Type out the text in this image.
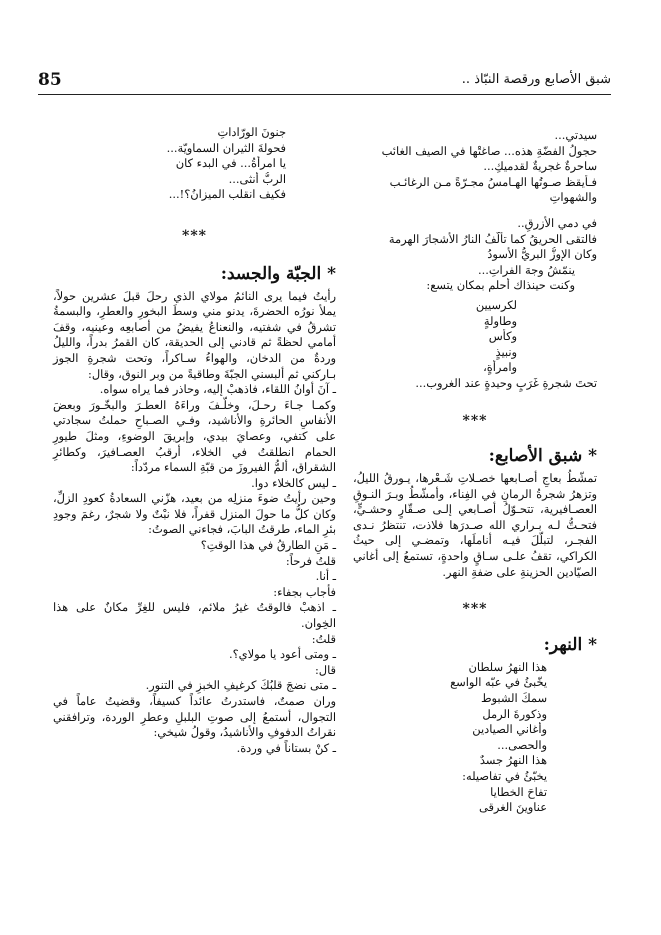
85	شبق الأصابع ورقصة النبّاذ ..
سيدتي...
حجولُ الفضّةِ هذه... صاغتْها في الصيف الغائب
ساحرةٌ غجريةٌ لقدميكِ...
فـأيقظ صـوتُها الهـامسُ مجـرّةً مـن الرغائـب
والشهواتِ
في دمي الأزرقِ..
فالتقى الحريقُ كما تألّفُ النارُ الأشجارَ الهرمة
وكان الإوزُّ البريُّ الأسودُ
ينمّشُ وجهَ الفراتِ...
وكنت حينذاك أحلم بمكان يتسع:
لكرسيين
وطاولةٍ
وكأس
ونبيذٍ
وامرأةٍ،
تحتَ شجرةِ غَرَبٍ وحيدةٍ عند الغروب...
***
* شبق الأصابع:
تمشّطُ بعاجِ أصـابعها خصـلاتِ شَـعْرها، يـورقُ الليلُ، وتزهرُ شجرةُ الرمانِ في الفِناء، وأمشّطُ وبـرَ النـوقِ العصـافيرية، تتحـوّلُ أصـابعي إلـى صـقّارٍ وحشـيٍّ، فتحـتُّ لـه بـراري الله صـدرَها فلاذت، تنتظرُ نـدى الفجـر، لتبلّلَ فيـه أناملَها، وتمضـي إلى حيثُ الكراكي، تقفُ علـى سـاقٍ واحدةٍ، تستمعُ إلى أغاني الصيّادين الحزينةِ على ضفةِ النهر.
***
* النهر:
هذا النهرُ سلطان
يخّبئُ في عبّه الواسع
سمكَ الشبوط
وذكورةَ الرمل
وأغاني الصيادين
والحصى...
هذا النهرُ جسدٌ
يخبّئُ في تفاصيله:
تفاحَ الخطايا
عناوينَ الغرقى
جنونَ الورّاداتِ
فحولةَ الثيران السماويّة...
يا امرأةُ... في البدء كان
الربُّ أنثى...
فكيف انقلب الميزانُ؟!...
***
* الجبّة والجسد:
رأيتُ فيما يرى النائمُ مولاي الذي رحلَ قبلَ عشرين حولاً، يملأ نورُه الحضرةَ، يدنو مني وسطَ البخورِ والعطرِ، والبسمةُ تشرقُ في شفتيه، والنعناعُ يفيضُ من أصابعِه وعينيه، وقفَ أمامي لحظةً ثم قادني إلى الحديقة، كان القمرُ بدراً، والليلُ وردةٌ من الدخان، والهواءُ سـاكراً، وتحت شجرةِ الجوز بـاركني ثم ألبسني الجبّةَ وطاقيةً من وبر النوق، وقال:
ـ آنَ أوانُ اللقاء، فاذهبْ إليه، وحاذر فما يراه سواه.
وكمـا جـاءَ رحـلَ، وخلّـفَ وراءَهُ العطـرَ والبخّـورَ وبعضَ الأنفاسِ الحائرةِ والأناشيد، وفـي الصـباحِ حملتُ سجادتي على كتفي، وعصايَ بيدي، وإبريقَ الوضوءِ، ومثلَ طيورِ الحمام انطلقتُ في الخلاء، أرقبُ العصـافيرَ، وكطائرِ الشقراق، ألمُّ الفيروزَ من قبّةِ السماء مردّداً:
ـ ليس كالخلاء دوا.
وحين رأيتُ ضوءَ منزلِه من بعيد، هزّني السعادةُ كعودِ الزلِّ، وكان كلُّ ما حولَ المنزل قفراً، فلا نبْتٌ ولا شجرٌ، رغمَ وجودِ بئرِ الماء، طرقتُ البابَ، فجاءني الصوتُ:
ـ مَنِ الطارقُ في هذا الوقتِ؟
قلتُ فرحاً:
ـ أنا.
فأجاب بجفاء:
ـ اذهبْ فالوقتُ غيرُ ملائم، فليس للغِرِّ مكانٌ على هذا الخِوان.
قلتُ:
ـ ومتى أعود يا مولاي؟.
قال:
ـ متى نضجَ قلبُكَ كرغيفِ الخبزِ في التنور.
وران صمتٌ، فاستدرتُ عائداً كسيفاً، وقضيتُ عاماً في التجوال، أستمعُ إلى صوتِ البلبلِ وعطرِ الوردة، وترافقني نقراتُ الدفوفِ والأناشيدُ، وقولُ شيخي:
ـ كنْ بستاناً في وردة.
